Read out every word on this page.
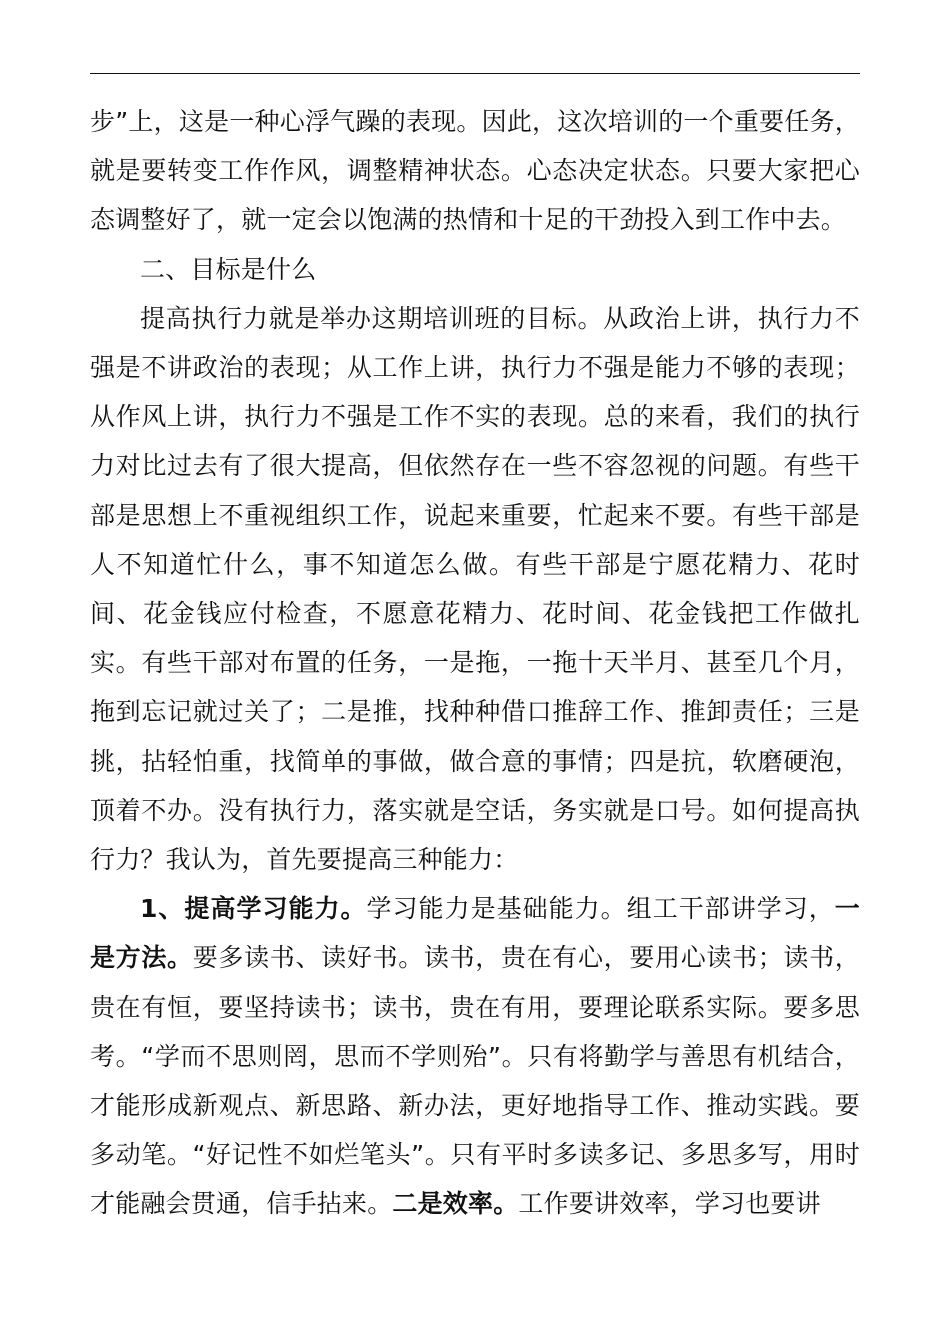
步”上，这是一种心浮气躁的表现。因此，这次培训的一个重要任务，就是要转变工作作风，调整精神状态。心态决定状态。只要大家把心态调整好了，就一定会以饱满的热情和十足的干劲投入到工作中去。

二、目标是什么

提高执行力就是举办这期培训班的目标。从政治上讲，执行力不强是不讲政治的表现；从工作上讲，执行力不强是能力不够的表现；从作风上讲，执行力不强是工作不实的表现。总的来看，我们的执行力对比过去有了很大提高，但依然存在一些不容忽视的问题。有些干部是思想上不重视组织工作，说起来重要，忙起来不要。有些干部是人不知道忙什么，事不知道怎么做。有些干部是宁愿花精力、花时间、花金钱应付检查，不愿意花精力、花时间、花金钱把工作做扎实。有些干部对布置的任务，一是拖，一拖十天半月、甚至几个月，拖到忘记就过关了；二是推，找种种借口推辞工作、推卸责任；三是挑，拈轻怕重，找简单的事做，做合意的事情；四是抗，软磨硬泡，顶着不办。没有执行力，落实就是空话，务实就是口号。如何提高执行力？我认为，首先要提高三种能力：

1、提高学习能力。学习能力是基础能力。组工干部讲学习，一是方法。要多读书、读好书。读书，贵在有心，要用心读书；读书，贵在有恒，要坚持读书；读书，贵在有用，要理论联系实际。要多思考。“学而不思则罔，思而不学则殆”。只有将勤学与善思有机结合，才能形成新观点、新思路、新办法，更好地指导工作、推动实践。要多动笔。“好记性不如烂笔头”。只有平时多读多记、多思多写，用时才能融会贯通，信手拈来。二是效率。工作要讲效率，学习也要讲
